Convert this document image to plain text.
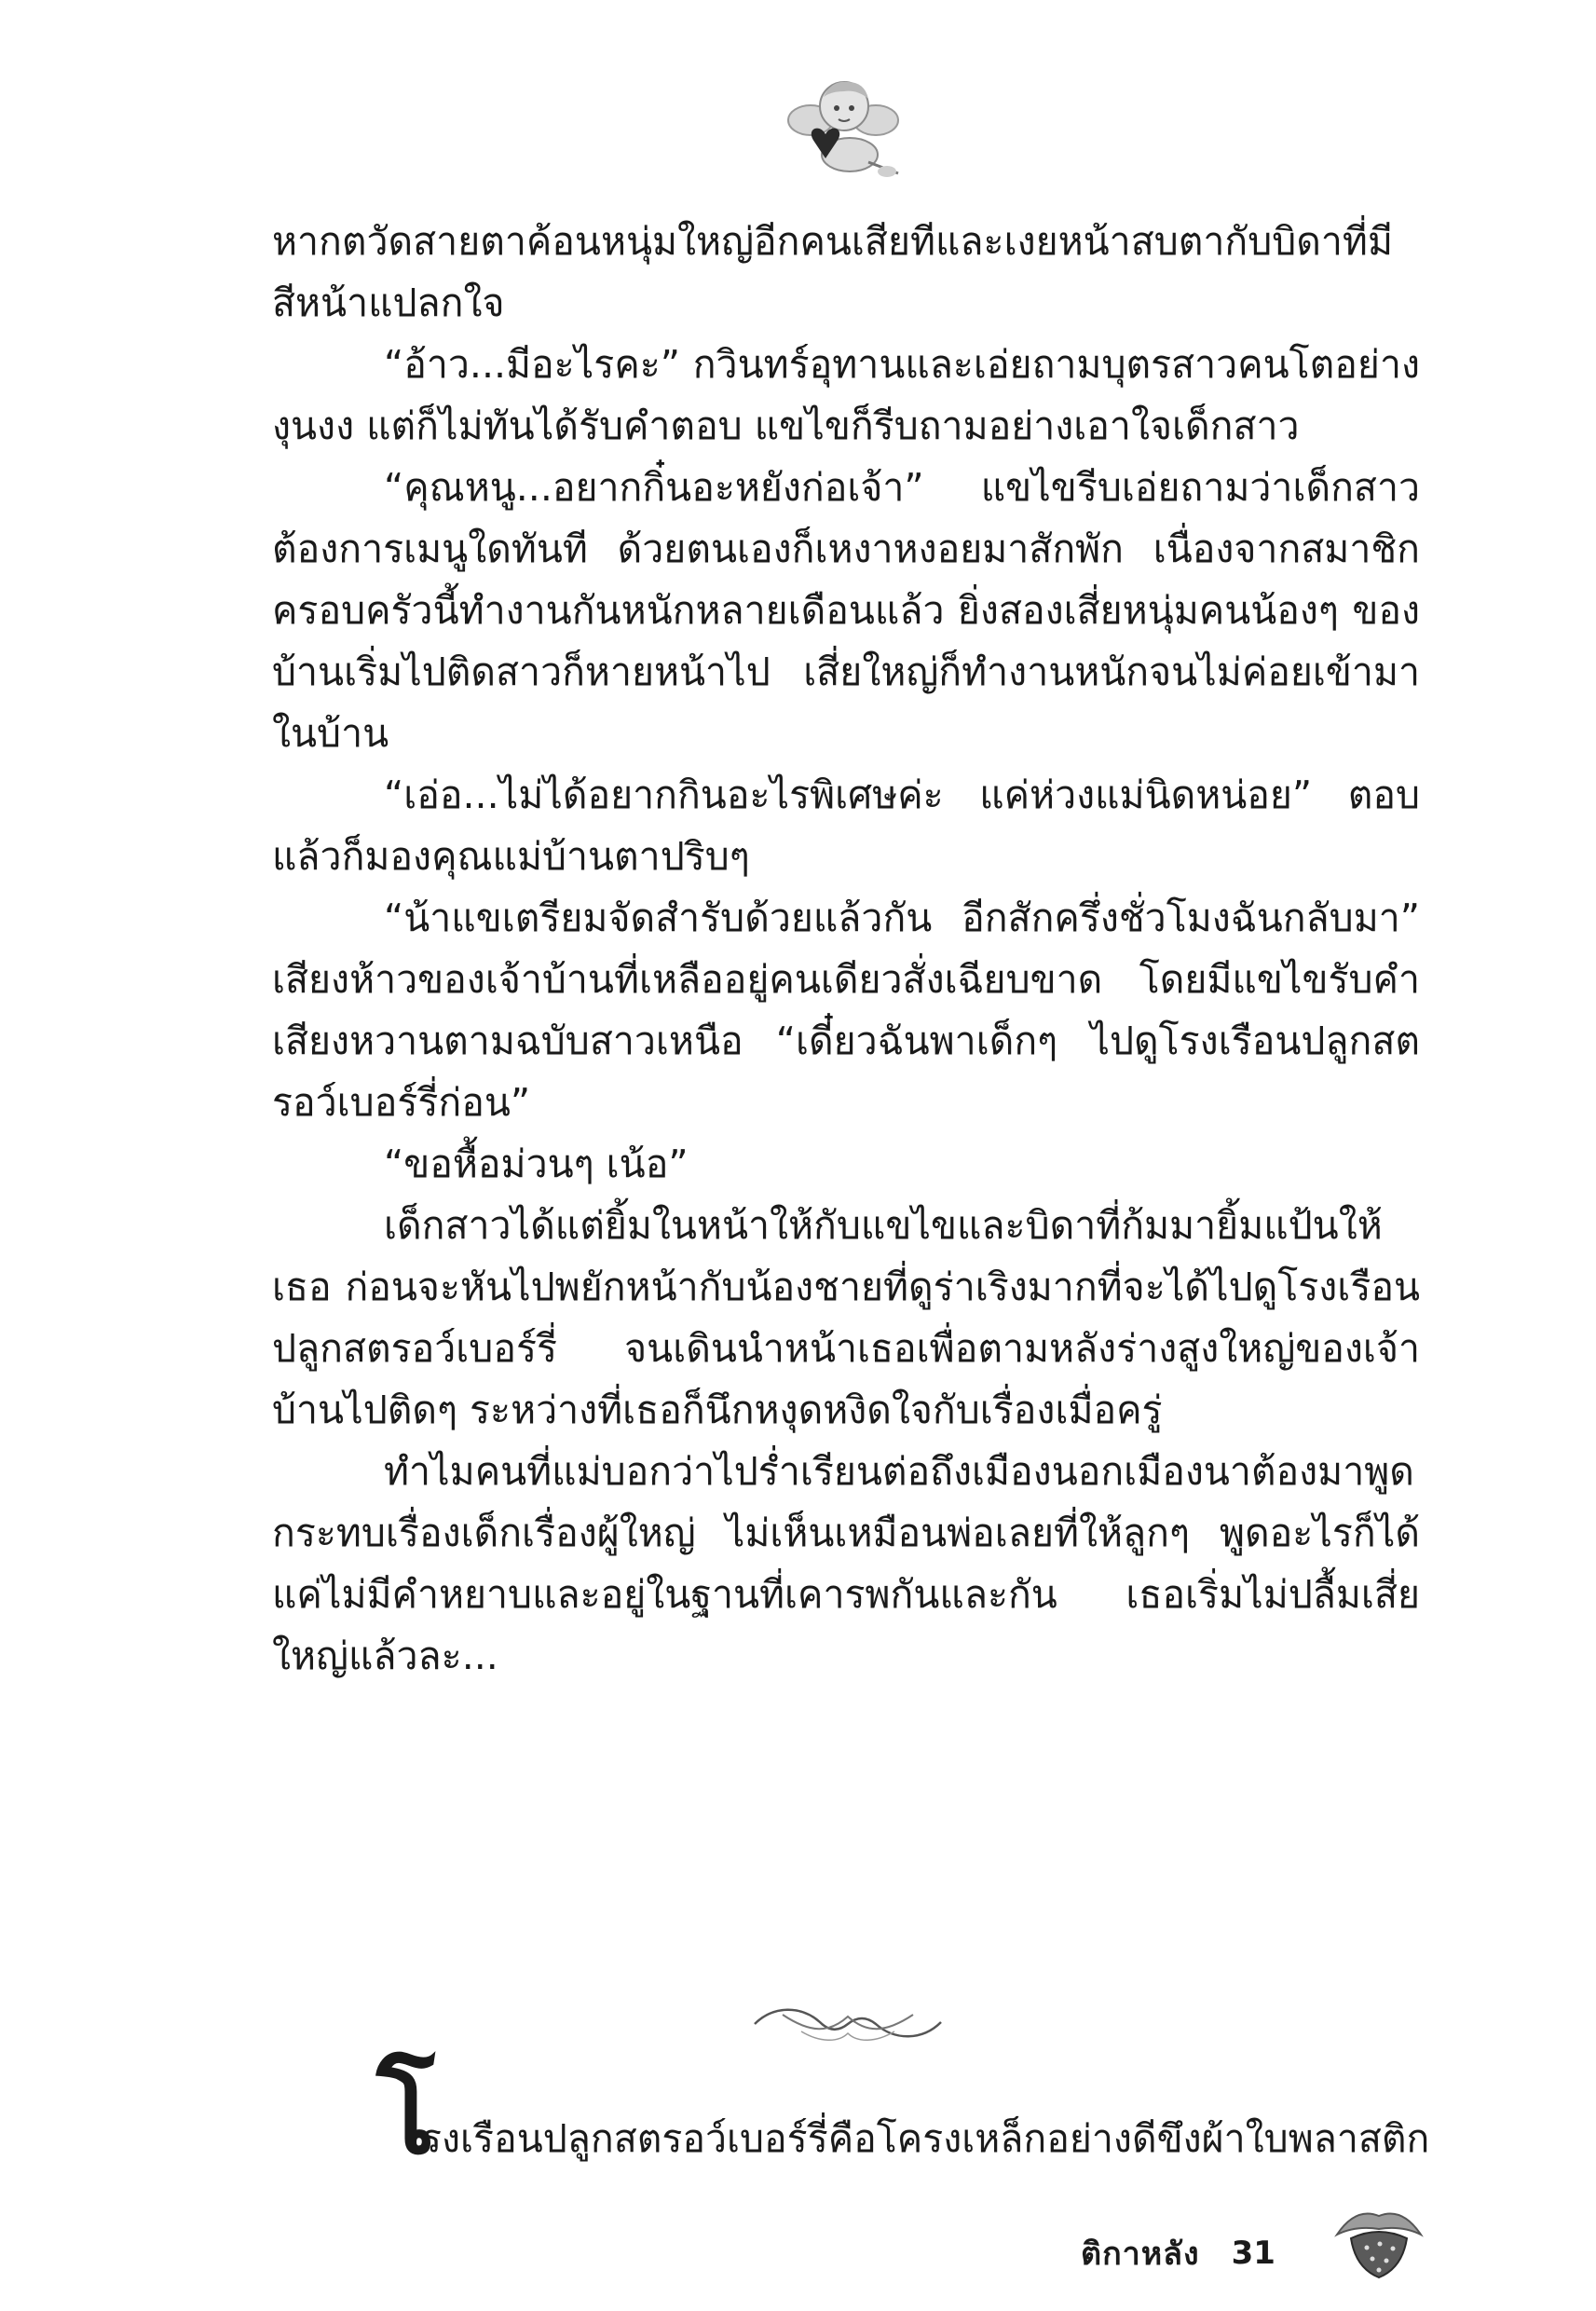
หากตวัดสายตาค้อนหนุ่มใหญ่อีกคนเสียทีและเงยหน้าสบตากับบิดาที่มีสีหน้าแปลกใจ

“อ้าว...มีอะไรคะ” กวินทร์อุทานและเอ่ยถามบุตรสาวคนโตอย่างงุนงง แต่ก็ไม่ทันได้รับคำตอบ แขไขก็รีบถามอย่างเอาใจเด็กสาว

“คุณหนู...อยากกิ๋นอะหยังก่อเจ้า” แขไขรีบเอ่ยถามว่าเด็กสาวต้องการเมนูใดทันที ด้วยตนเองก็เหงาหงอยมาสักพัก เนื่องจากสมาชิกครอบครัวนี้ทำงานกันหนักหลายเดือนแล้ว ยิ่งสองเสี่ยหนุ่มคนน้องๆ ของบ้านเริ่มไปติดสาวก็หายหน้าไป เสี่ยใหญ่ก็ทำงานหนักจนไม่ค่อยเข้ามาในบ้าน

“เอ่อ...ไม่ได้อยากกินอะไรพิเศษค่ะ แค่ห่วงแม่นิดหน่อย” ตอบแล้วก็มองคุณแม่บ้านตาปริบๆ

“น้าแขเตรียมจัดสำรับด้วยแล้วกัน อีกสักครึ่งชั่วโมงฉันกลับมา” เสียงห้าวของเจ้าบ้านที่เหลืออยู่คนเดียวสั่งเฉียบขาด โดยมีแขไขรับคำเสียงหวานตามฉบับสาวเหนือ “เดี๋ยวฉันพาเด็กๆ ไปดูโรงเรือนปลูกสตรอว์เบอร์รี่ก่อน”

“ขอหื้อม่วนๆ เน้อ”

เด็กสาวได้แต่ยิ้มในหน้าให้กับแขไขและบิดาที่ก้มมายิ้มแป้นให้เธอ ก่อนจะหันไปพยักหน้ากับน้องชายที่ดูร่าเริงมากที่จะได้ไปดูโรงเรือนปลูกสตรอว์เบอร์รี่ จนเดินนำหน้าเธอเพื่อตามหลังร่างสูงใหญ่ของเจ้าบ้านไปติดๆ ระหว่างที่เธอก็นึกหงุดหงิดใจกับเรื่องเมื่อครู่

ทำไมคนที่แม่บอกว่าไปร่ำเรียนต่อถึงเมืองนอกเมืองนาต้องมาพูดกระทบเรื่องเด็กเรื่องผู้ใหญ่ ไม่เห็นเหมือนพ่อเลยที่ให้ลูกๆ พูดอะไรก็ได้ แค่ไม่มีคำหยาบและอยู่ในฐานที่เคารพกันและกัน เธอเริ่มไม่ปลื้มเสี่ยใหญ่แล้วละ...

โ
รงเรือนปลูกสตรอว์เบอร์รี่คือโครงเหล็กอย่างดีขึงผ้าใบพลาสติก
ติกาหลัง 31
